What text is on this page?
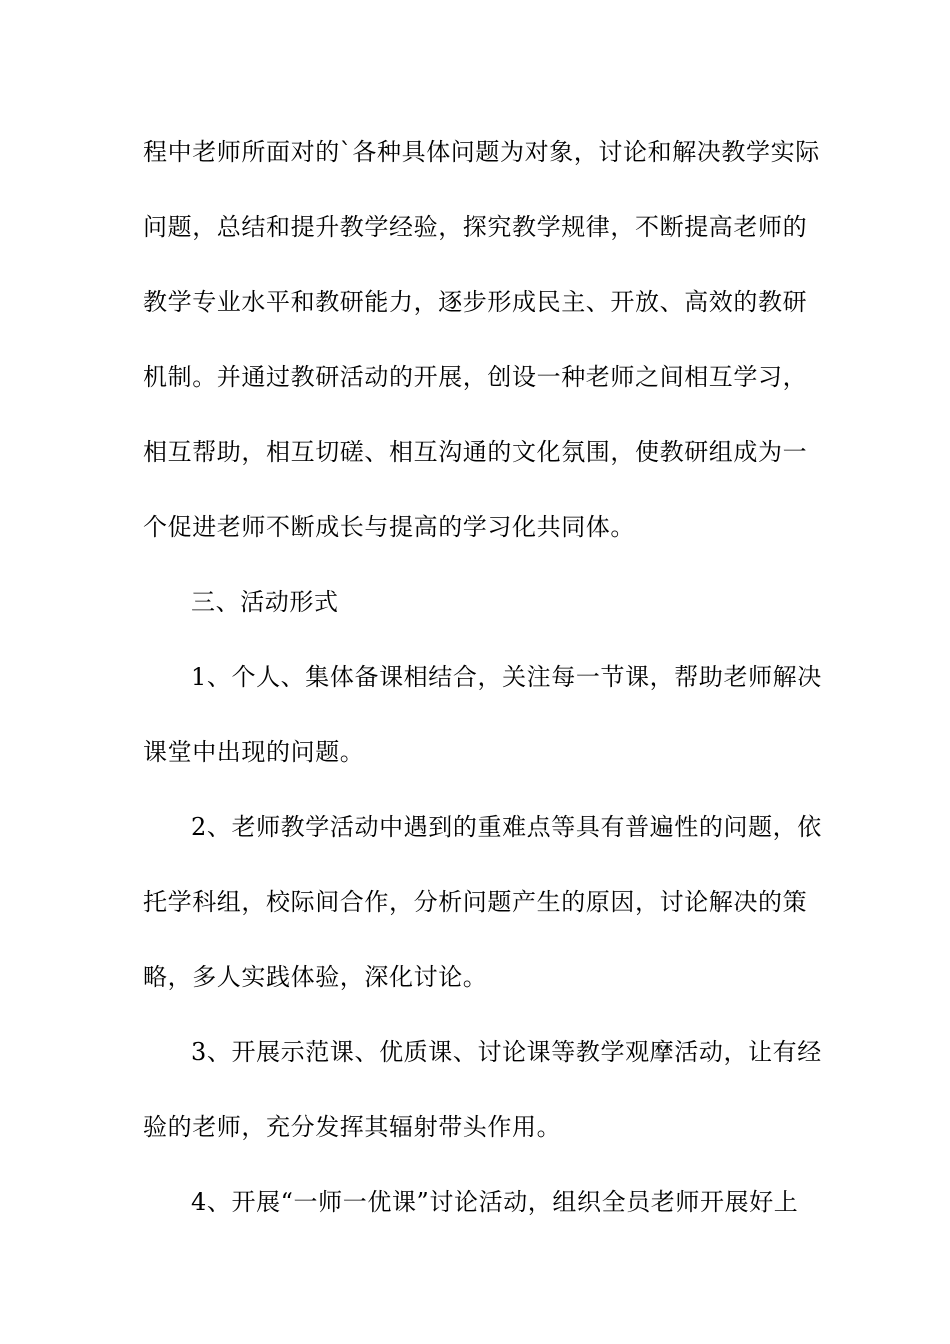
程中老师所面对的`各种具体问题为对象，讨论和解决教学实际
问题，总结和提升教学经验，探究教学规律，不断提高老师的
教学专业水平和教研能力，逐步形成民主、开放、高效的教研
机制。并通过教研活动的开展，创设一种老师之间相互学习，
相互帮助，相互切磋、相互沟通的文化氛围，使教研组成为一
个促进老师不断成长与提高的学习化共同体。
三、活动形式
1、个人、集体备课相结合，关注每一节课，帮助老师解决
课堂中出现的问题。
2、老师教学活动中遇到的重难点等具有普遍性的问题，依
托学科组，校际间合作，分析问题产生的原因，讨论解决的策
略，多人实践体验，深化讨论。
3、开展示范课、优质课、讨论课等教学观摩活动，让有经
验的老师，充分发挥其辐射带头作用。
4、开展“一师一优课”讨论活动，组织全员老师开展好上
